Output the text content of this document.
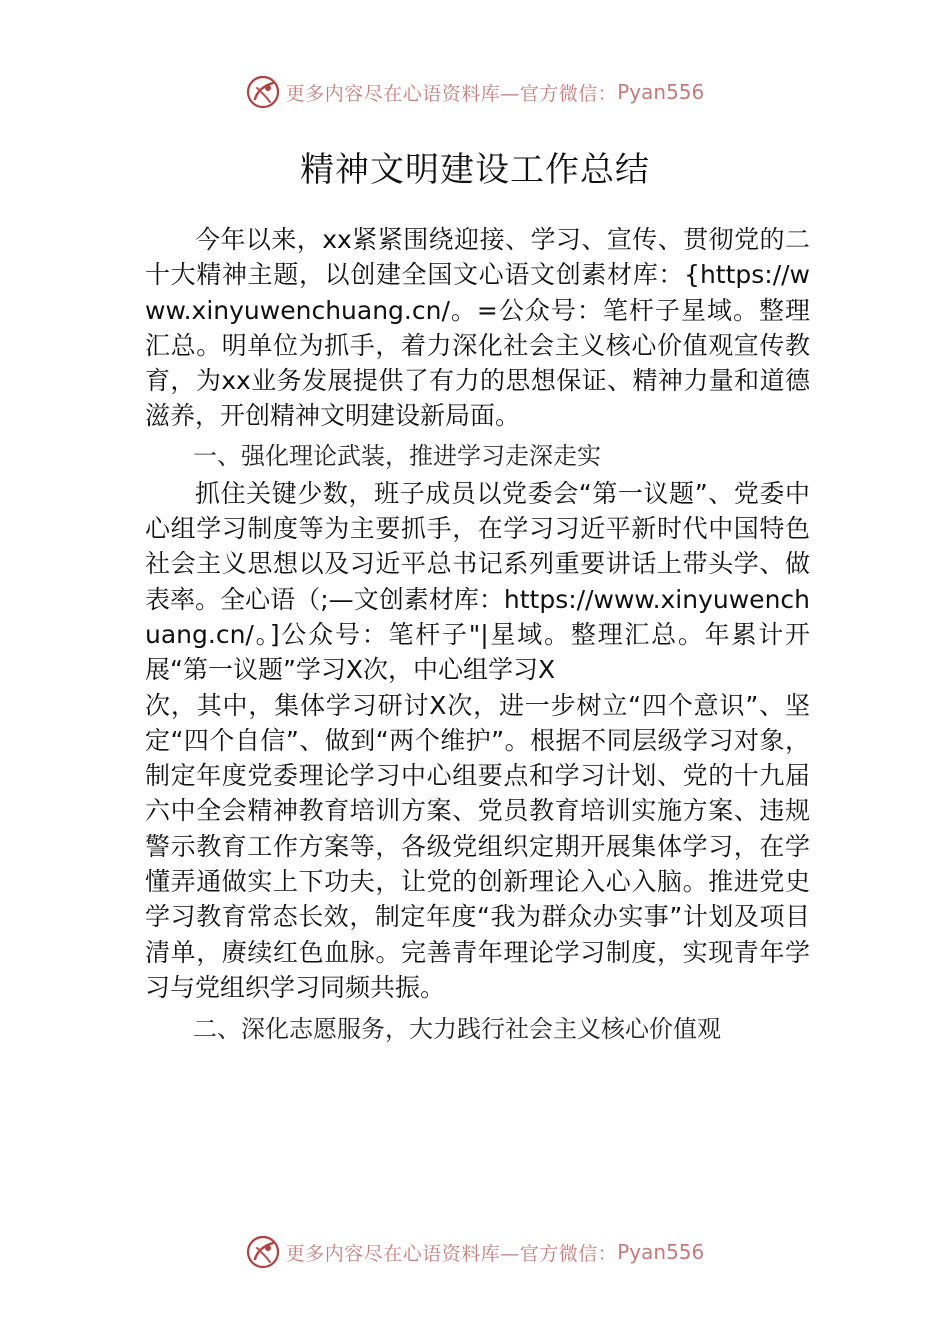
更多内容尽在心语资料库—官方微信： Pyan556
精神文明建设工作总结

今年以来，xx紧紧围绕迎接、学习、宣传、贯彻党的二十大精神主题，以创建全国文心语文创素材库：{https://www.xinyuwenchuang.cn/。=公众号：笔杆子星域。整理汇总。明单位为抓手，着力深化社会主义核心价值观宣传教育，为xx业务发展提供了有力的思想保证、精神力量和道德滋养，开创精神文明建设新局面。

一、强化理论武装，推进学习走深走实

抓住关键少数，班子成员以党委会“第一议题”、党委中 心组学习制度等为主要抓手，在学习习近平新时代中国特色社会主义思想以及习近平总书记系列重要讲话上带头学、做表率。全心语（;—文创素材库：https://www.xinyuwenchuang.cn/。]公众号：笔杆子"|星域。整理汇总。年累计开展“第一议题”学习X次，中心组学习X

次，其中，集体学习研讨X次，进一步树立“四个意识”、坚定“四个自信”、做到“两个维护”。根据不同层级学习对象，制定年度党委理论学习中心组要点和学习计划、党的十九届六中全会精神教育培训方案、党员教育培训实施方案、违规警示教育工作方案等，各级党组织定期开展集体学习，在学懂弄通做实上下功夫，让党的创新理论入心入脑。推进党史学习教育常态长效，制定年度“我为群众办实事”计划及项目清单，赓续红色血脉。完善青年理论学习制度，实现青年学习与党组织学习同频共振。

二、深化志愿服务，大力践行社会主义核心价值观

更多内容尽在心语资料库—官方微信： Pyan556
